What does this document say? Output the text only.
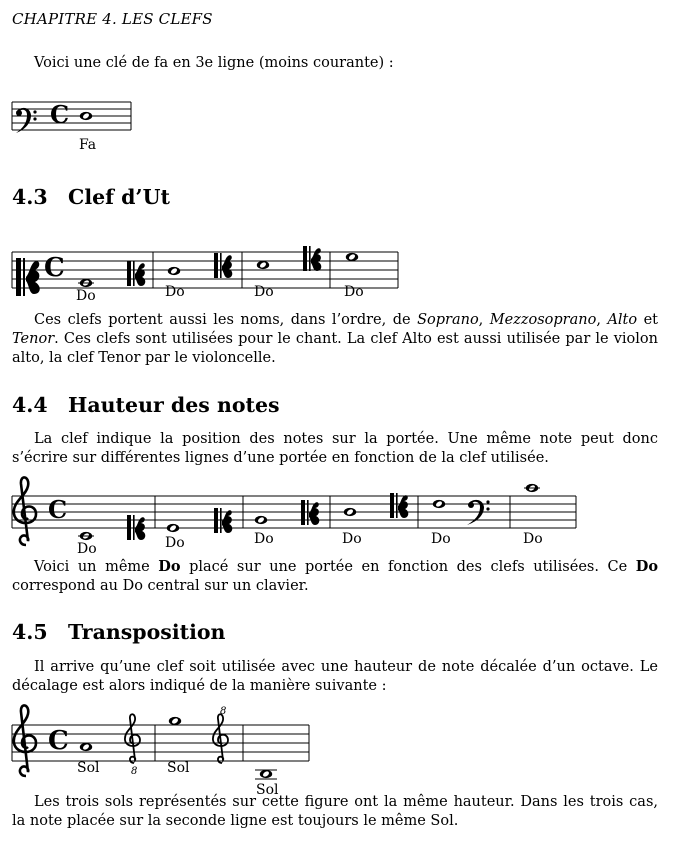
CHAPITRE 4. LES CLEFS
Voici une clé de fa en 3e ligne (moins courante) :
C
Fa
C
Do	Do	Do	Do
C
Do	Do	Do	Do	Do	Do
C
8
8
Sol	Sol
Sol
4.3 Clef d’Ut
Ces clefs portent aussi les noms, dans l’ordre, de Soprano, Mezzosoprano, Alto et Tenor. Ces clefs sont utilisées pour le chant. La clef Alto est aussi utilisée par le violon alto, la clef Tenor par le violoncelle.
4.4 Hauteur des notes
La clef indique la position des notes sur la portée. Une même note peut donc s’écrire sur différentes lignes d’une portée en fonction de la clef utilisée.
Voici un même Do placé sur une portée en fonction des clefs utilisées. Ce Do correspond au Do central sur un clavier.
4.5 Transposition
Il arrive qu’une clef soit utilisée avec une hauteur de note décalée d’un octave. Le décalage est alors indiqué de la manière suivante :
Les trois sols représentés sur cette figure ont la même hauteur. Dans les trois cas, la note placée sur la seconde ligne est toujours le même Sol.
